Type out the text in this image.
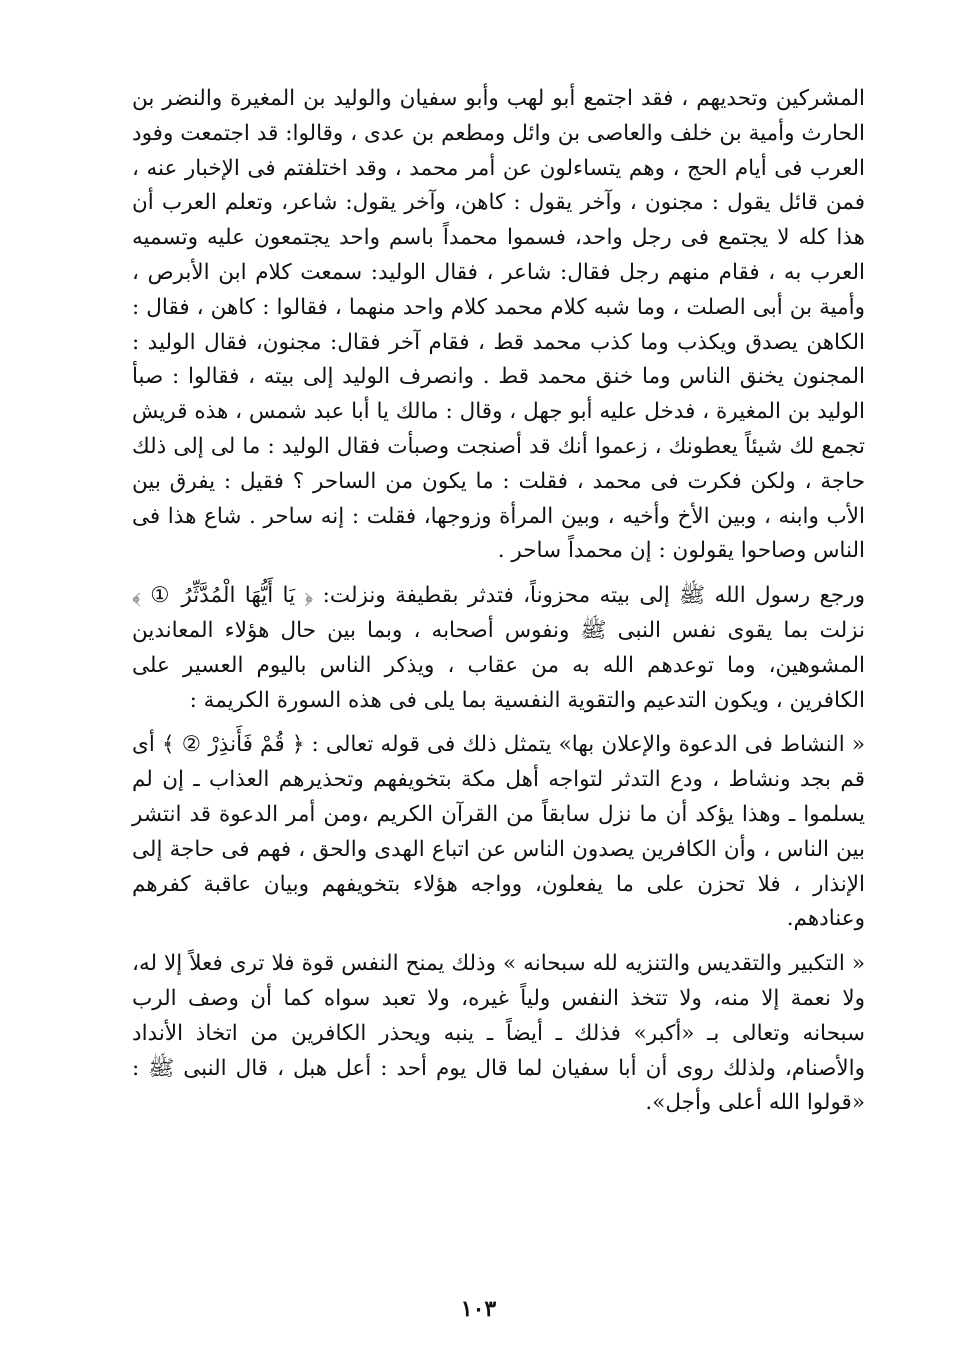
المشركين وتحديهم ، فقد اجتمع أبو لهب وأبو سفيان والوليد بن المغيرة والنضر بن الحارث وأمية بن خلف والعاصى بن وائل ومطعم بن عدى ، وقالوا: قد اجتمعت وفود العرب فى أيام الحج ، وهم يتساءلون عن أمر محمد ، وقد اختلفتم فى الإخبار عنه ، فمن قائل يقول : مجنون ، وآخر يقول : كاهن، وآخر يقول: شاعر، وتعلم العرب أن هذا كله لا يجتمع فى رجل واحد، فسموا محمداً باسم واحد يجتمعون عليه وتسميه العرب به ، فقام منهم رجل فقال: شاعر ، فقال الوليد: سمعت كلام ابن الأبرص ، وأمية بن أبى الصلت ، وما شبه كلام محمد كلام واحد منهما ، فقالوا : كاهن ، فقال : الكاهن يصدق ويكذب وما كذب محمد قط ، فقام آخر فقال: مجنون، فقال الوليد : المجنون يخنق الناس وما خنق محمد قط . وانصرف الوليد إلى بيته ، فقالوا : صبأ الوليد بن المغيرة ، فدخل عليه أبو جهل ، وقال : مالك يا أبا عبد شمس ، هذه قريش تجمع لك شيئاً يعطونك ، زعموا أنك قد أصنجت وصبأت فقال الوليد : ما لى إلى ذلك حاجة ، ولكن فكرت فى محمد ، فقلت : ما يكون من الساحر ؟ فقيل : يفرق بين الأب وابنه ، وبين الأخ وأخيه ، وبين المرأة وزوجها، فقلت : إنه ساحر . شاع هذا فى الناس وصاحوا يقولون : إن محمداً ساحر .

ورجع رسول الله ﷺ إلى بيته محزوناً، فتدثر بقطيفة ونزلت: ﴿ يَا أَيُّهَا الْمُدَّثِّرُ ① ﴾ نزلت بما يقوى نفس النبى ﷺ ونفوس أصحابه ، وبما بين حال هؤلاء المعاندين المشوهين، وما توعدهم الله به من عقاب ، ويذكر الناس باليوم العسير على الكافرين ، ويكون التدعيم والتقوية النفسية بما يلى فى هذه السورة الكريمة :

« النشاط فى الدعوة والإعلان بها» يتمثل ذلك فى قوله تعالى : ﴿ قُمْ فَأَنذِرْ ② ﴾ أى قم بجد ونشاط ، ودع التدثر لتواجه أهل مكة بتخويفهم وتحذيرهم العذاب ـ إن لم يسلموا ـ وهذا يؤكد أن ما نزل سابقاً من القرآن الكريم ،ومن أمر الدعوة قد انتشر بين الناس ، وأن الكافرين يصدون الناس عن اتباع الهدى والحق ، فهم فى حاجة إلى الإنذار ، فلا تحزن على ما يفعلون، وواجه هؤلاء بتخويفهم وبيان عاقبة كفرهم وعنادهم.

« التكبير والتقديس والتنزيه لله سبحانه » وذلك يمنح النفس قوة فلا ترى فعلاً إلا له، ولا نعمة إلا منه، ولا تتخذ النفس ولياً غيره، ولا تعبد سواه كما أن وصف الرب سبحانه وتعالى بـ «أكبر» فذلك ـ أيضاً ـ ينبه ويحذر الكافرين من اتخاذ الأنداد والأصنام، ولذلك روى أن أبا سفيان لما قال يوم أحد : أعل هبل ، قال النبى ﷺ : «قولوا الله أعلى وأجل».

١٠٣
